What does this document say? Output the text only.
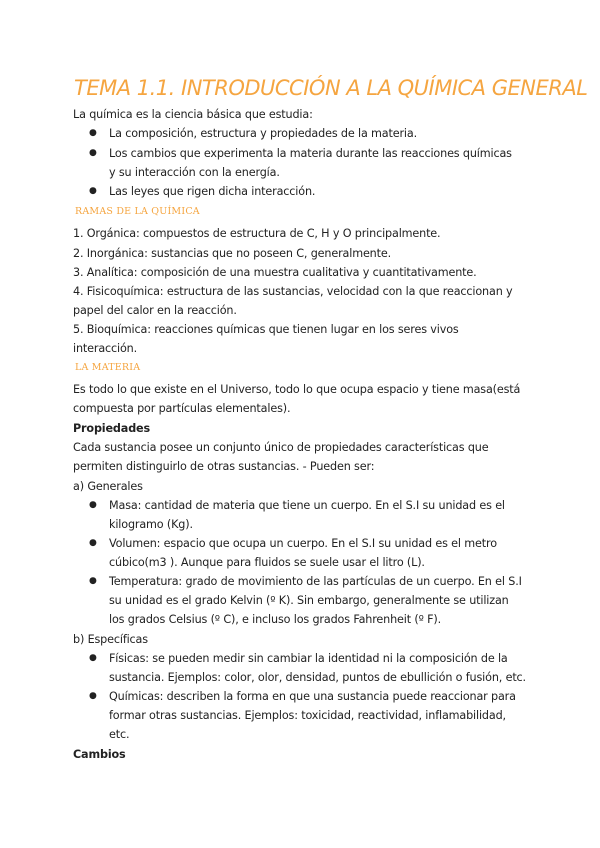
TEMA 1.1. INTRODUCCIÓN A LA QUÍMICA GENERAL
La química es la ciencia básica que estudia:
● La composición, estructura y propiedades de la materia.
● Los cambios que experimenta la materia durante las reacciones químicas
y su interacción con la energía.
● Las leyes que rigen dicha interacción.
RAMAS DE LA QUÍMICA
1. Orgánica: compuestos de estructura de C, H y O principalmente.
2. Inorgánica: sustancias que no poseen C, generalmente.
3. Analítica: composición de una muestra cualitativa y cuantitativamente.
4. Fisicoquímica: estructura de las sustancias, velocidad con la que reaccionan y
papel del calor en la reacción.
5. Bioquímica: reacciones químicas que tienen lugar en los seres vivos
interacción.
LA MATERIA
Es todo lo que existe en el Universo, todo lo que ocupa espacio y tiene masa(está
compuesta por partículas elementales).
Propiedades
Cada sustancia posee un conjunto único de propiedades características que
permiten distinguirlo de otras sustancias. - Pueden ser:
a) Generales
● Masa: cantidad de materia que tiene un cuerpo. En el S.I su unidad es el
kilogramo (Kg).
● Volumen: espacio que ocupa un cuerpo. En el S.I su unidad es el metro
cúbico(m3 ). Aunque para fluidos se suele usar el litro (L).
● Temperatura: grado de movimiento de las partículas de un cuerpo. En el S.I
su unidad es el grado Kelvin (º K). Sin embargo, generalmente se utilizan
los grados Celsius (º C), e incluso los grados Fahrenheit (º F).
b) Específicas
● Físicas: se pueden medir sin cambiar la identidad ni la composición de la
sustancia. Ejemplos: color, olor, densidad, puntos de ebullición o fusión, etc.
● Químicas: describen la forma en que una sustancia puede reaccionar para
formar otras sustancias. Ejemplos: toxicidad, reactividad, inflamabilidad,
etc.
Cambios
